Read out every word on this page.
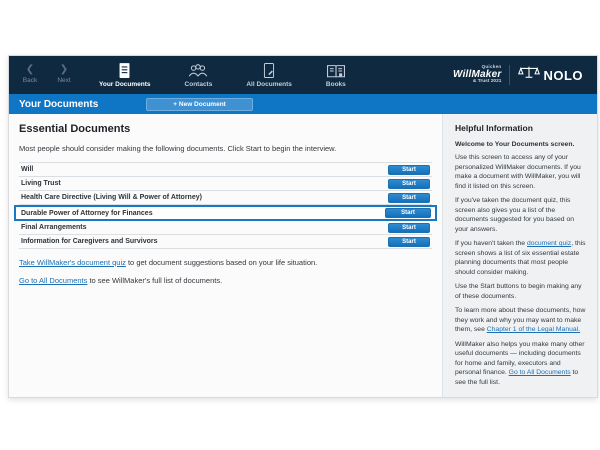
❮
Back
❯
Next
Your Documents	Contacts	All Documents	Books
Quicken
WillMaker
& Trust 2021	NOLO
Your Documents	+ New Document
Essential Documents
Most people should consider making the following documents. Click Start to begin the interview.
Will	Start
Living Trust	Start
Health Care Directive (Living Will & Power of Attorney)	Start
Durable Power of Attorney for Finances	Start
Final Arrangements	Start
Information for Caregivers and Survivors	Start
Take WillMaker's document quiz to get document suggestions based on your life situation.
Go to All Documents to see WillMaker's full list of documents.
Helpful Information
Welcome to Your Documents screen.

Use this screen to access any of your personalized WillMaker documents. If you make a document with WillMaker, you will find it listed on this screen.

If you've taken the document quiz, this screen also gives you a list of the documents suggested for you based on your answers.

If you haven't taken the document quiz, this screen shows a list of six essential estate planning documents that most people should consider making.

Use the Start buttons to begin making any of these documents.

To learn more about these documents, how they work and why you may want to make them, see Chapter 1 of the Legal Manual.

WillMaker also helps you make many other useful documents — including documents for home and family, executors and personal finance. Go to All Documents to see the full list.
